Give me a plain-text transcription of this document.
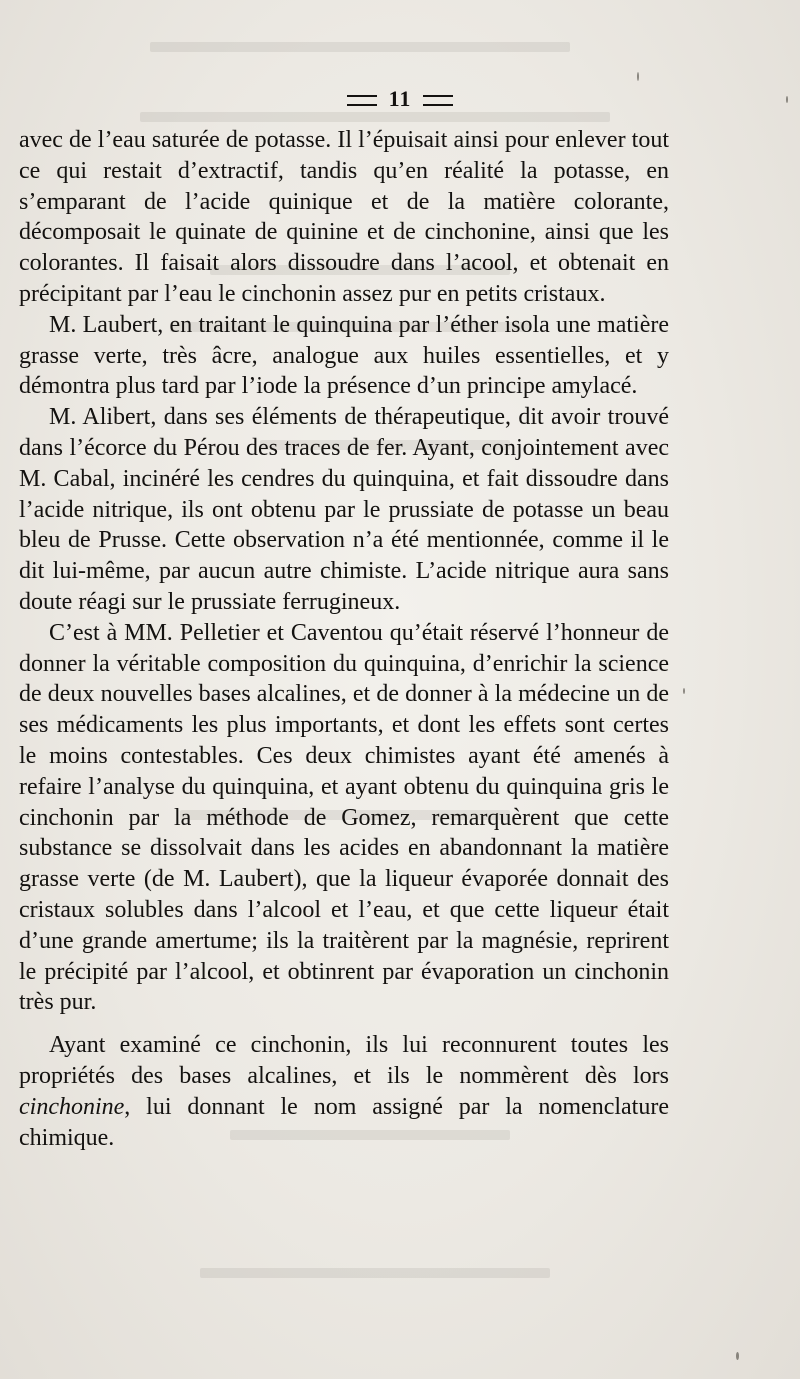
11

avec de l’eau saturée de potasse. Il l’épuisait ainsi pour enlever tout ce qui restait d’extractif, tandis qu’en réalité la potasse, en s’emparant de l’acide quinique et de la matière colorante, décomposait le quinate de quinine et de cinchonine, ainsi que les colorantes. Il faisait alors dissoudre dans l’acool, et obtenait en précipitant par l’eau le cinchonin assez pur en petits cristaux.

M. Laubert, en traitant le quinquina par l’éther isola une matière grasse verte, très âcre, analogue aux huiles essentielles, et y démontra plus tard par l’iode la présence d’un principe amylacé.

M. Alibert, dans ses éléments de thérapeutique, dit avoir trouvé dans l’écorce du Pérou des traces de fer. Ayant, conjointement avec M. Cabal, incinéré les cendres du quinquina, et fait dissoudre dans l’acide nitrique, ils ont obtenu par le prussiate de potasse un beau bleu de Prusse. Cette observation n’a été mentionnée, comme il le dit lui-même, par aucun autre chimiste. L’acide nitrique aura sans doute réagi sur le prussiate ferrugineux.

C’est à MM. Pelletier et Caventou qu’était réservé l’honneur de donner la véritable composition du quinquina, d’enrichir la science de deux nouvelles bases alcalines, et de donner à la médecine un de ses médicaments les plus importants, et dont les effets sont certes le moins contestables. Ces deux chimistes ayant été amenés à refaire l’analyse du quinquina, et ayant obtenu du quinquina gris le cinchonin par la méthode de Gomez, remarquèrent que cette substance se dissolvait dans les acides en abandonnant la matière grasse verte (de M. Laubert), que la liqueur évaporée donnait des cristaux solubles dans l’alcool et l’eau, et que cette liqueur était d’une grande amertume; ils la traitèrent par la magnésie, reprirent le précipité par l’alcool, et obtinrent par évaporation un cinchonin très pur.

Ayant examiné ce cinchonin, ils lui reconnurent toutes les propriétés des bases alcalines, et ils le nommèrent dès lors cinchonine, lui donnant le nom assigné par la nomenclature chimique.
